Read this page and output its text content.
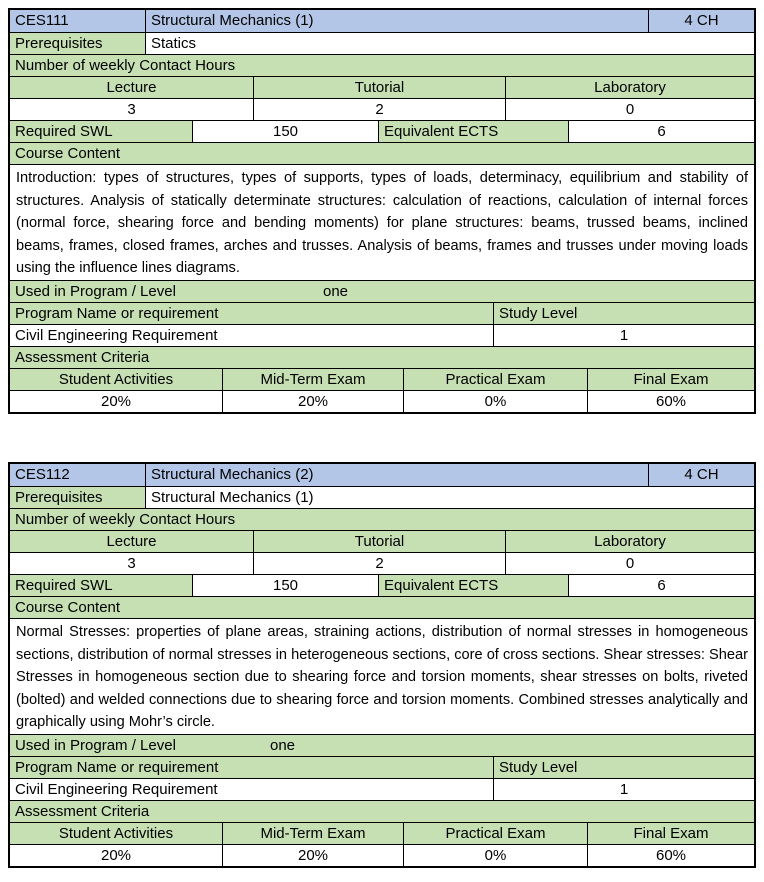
CES111	Structural Mechanics (1)	4 CH
Prerequisites	Statics
Number of weekly Contact Hours
Lecture	Tutorial	Laboratory
3	2	0
Required SWL	150	Equivalent ECTS	6
Course Content
Introduction: types of structures, types of supports, types of loads, determinacy, equilibrium and stability of structures. Analysis of statically determinate structures: calculation of reactions, calculation of internal forces (normal force, shearing force and bending moments) for plane structures: beams, trussed beams, inclined beams, frames, closed frames, arches and trusses. Analysis of beams, frames and trusses under moving loads using the influence lines diagrams.
Used in Program / Level	one
Program Name or requirement	Study Level
Civil Engineering Requirement	1
Assessment Criteria
Student Activities	Mid-Term Exam	Practical Exam	Final Exam
20%	20%	0%	60%
CES112	Structural Mechanics (2)	4 CH
Prerequisites	Structural Mechanics (1)
Number of weekly Contact Hours
Lecture	Tutorial	Laboratory
3	2	0
Required SWL	150	Equivalent ECTS	6
Course Content
Normal Stresses: properties of plane areas, straining actions, distribution of normal stresses in homogeneous sections, distribution of normal stresses in heterogeneous sections, core of cross sections. Shear stresses: Shear Stresses in homogeneous section due to shearing force and torsion moments, shear stresses on bolts, riveted (bolted) and welded connections due to shearing force and torsion moments. Combined stresses analytically and graphically using Mohr’s circle.
Used in Program / Level	one
Program Name or requirement	Study Level
Civil Engineering Requirement	1
Assessment Criteria
Student Activities	Mid-Term Exam	Practical Exam	Final Exam
20%	20%	0%	60%
